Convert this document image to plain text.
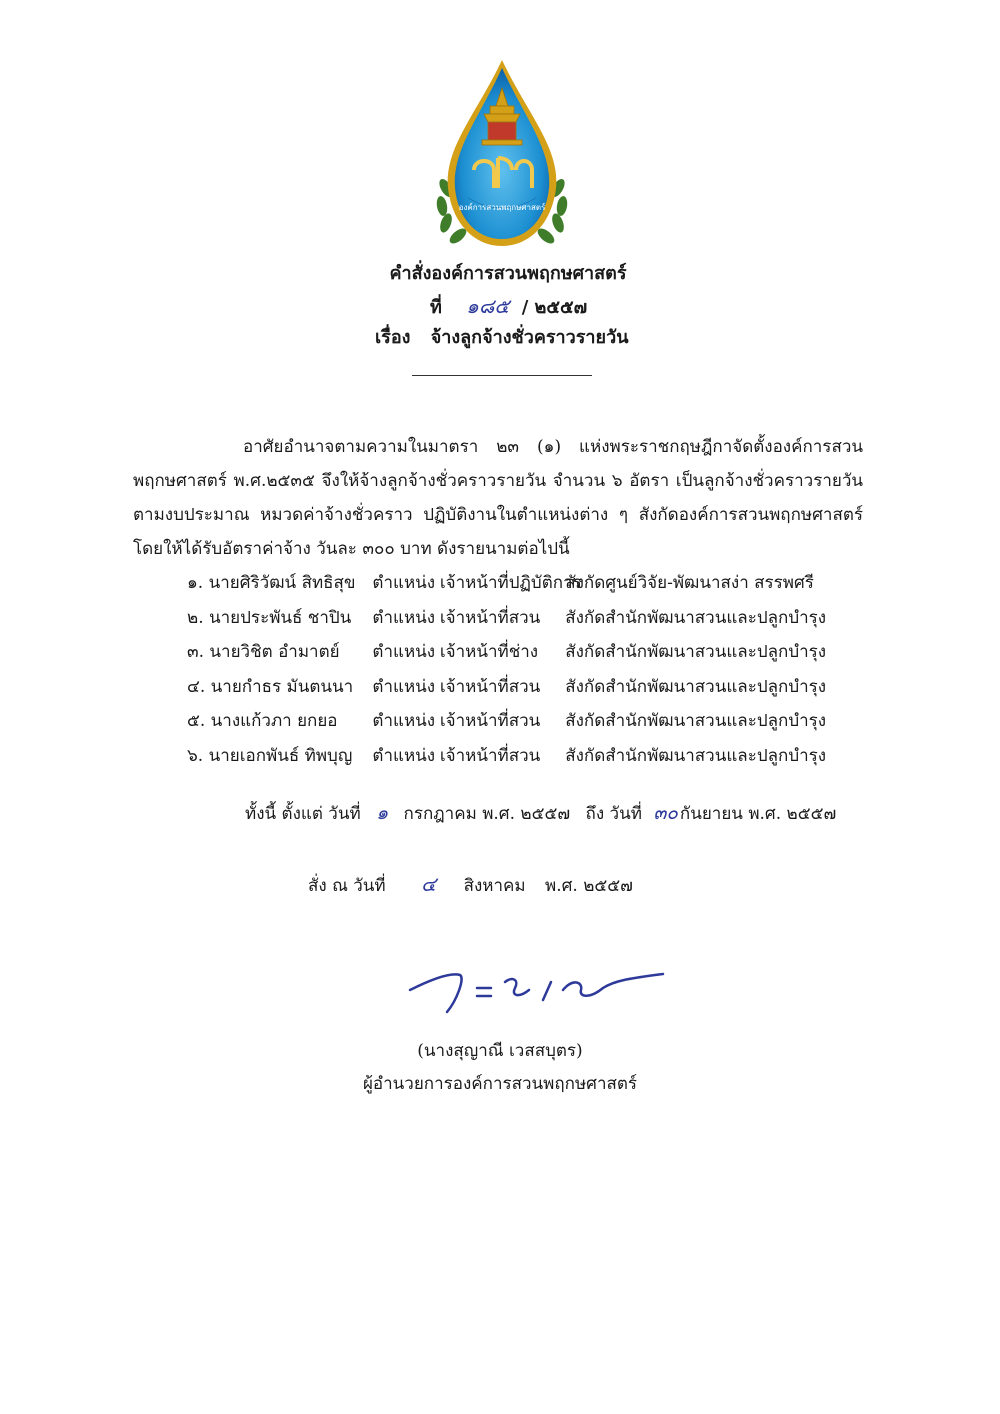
องค์การสวนพฤกษศาสตร์
คำสั่งองค์การสวนพฤกษศาสตร์
ที่ ๑๘๕ / ๒๕๕๗
เรื่อง จ้างลูกจ้างชั่วคราวรายวัน
อาศัยอำนาจตามความในมาตรา ๒๓ (๑) แห่งพระราชกฤษฎีกาจัดตั้งองค์การสวนพฤกษศาสตร์ พ.ศ.๒๕๓๕ จึงให้จ้างลูกจ้างชั่วคราวรายวัน จำนวน ๖ อัตรา เป็นลูกจ้างชั่วคราวรายวัน ตามงบประมาณ หมวดค่าจ้างชั่วคราว ปฏิบัติงานในตำแหน่งต่าง ๆ สังกัดองค์การสวนพฤกษศาสตร์ โดยให้ได้รับอัตราค่าจ้าง วันละ ๓๐๐ บาท ดังรายนามต่อไปนี้
๑. นายศิริวัฒน์ สิทธิสุข ตำแหน่ง เจ้าหน้าที่ปฏิบัติการ สังกัดศูนย์วิจัย-พัฒนาสง่า สรรพศรี
๒. นายประพันธ์ ชาปิน ตำแหน่ง เจ้าหน้าที่สวน สังกัดสำนักพัฒนาสวนและปลูกบำรุง
๓. นายวิชิต อำมาตย์ ตำแหน่ง เจ้าหน้าที่ช่าง สังกัดสำนักพัฒนาสวนและปลูกบำรุง
๔. นายกำธร มันตนนา ตำแหน่ง เจ้าหน้าที่สวน สังกัดสำนักพัฒนาสวนและปลูกบำรุง
๕. นางแก้วภา ยกยอ ตำแหน่ง เจ้าหน้าที่สวน สังกัดสำนักพัฒนาสวนและปลูกบำรุง
๖. นายเอกพันธ์ ทิพบุญ ตำแหน่ง เจ้าหน้าที่สวน สังกัดสำนักพัฒนาสวนและปลูกบำรุง
ทั้งนี้ ตั้งแต่ วันที่ ๑ กรกฎาคม พ.ศ. ๒๕๕๗ ถึง วันที่ ๓๐ กันยายน พ.ศ. ๒๕๕๗
สั่ง ณ วันที่ ๔ สิงหาคม พ.ศ. ๒๕๕๗
(นางสุญาณี เวสสบุตร)
ผู้อำนวยการองค์การสวนพฤกษศาสตร์
